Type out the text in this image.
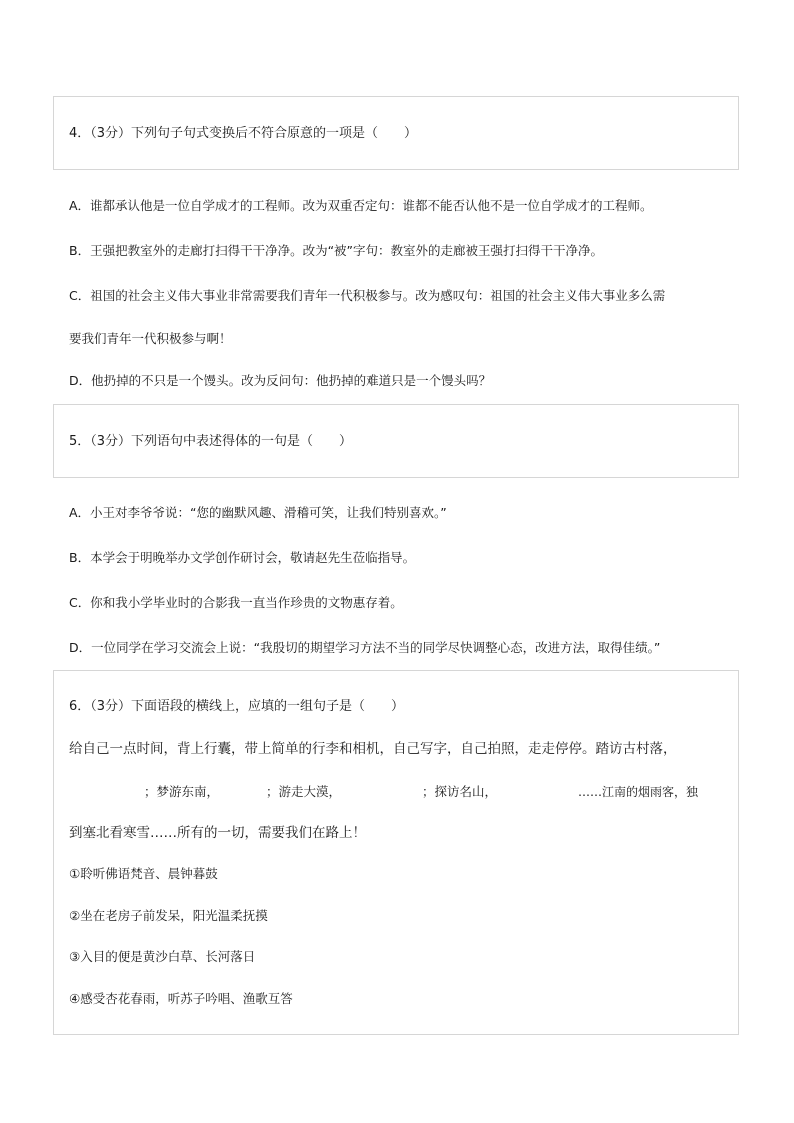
4．（3分）下列句子句式变换后不符合原意的一项是（　　）
A．谁都承认他是一位自学成才的工程师。改为双重否定句：谁都不能否认他不是一位自学成才的工程师。
B．王强把教室外的走廊打扫得干干净净。改为“被”字句：教室外的走廊被王强打扫得干干净净。
C．祖国的社会主义伟大事业非常需要我们青年一代积极参与。改为感叹句：祖国的社会主义伟大事业多么需
要我们青年一代积极参与啊！
D．他扔掉的不只是一个馒头。改为反问句：他扔掉的难道只是一个馒头吗？
5．（3分）下列语句中表述得体的一句是（　　）
A．小王对李爷爷说：“您的幽默风趣、滑稽可笑，让我们特别喜欢。”
B．本学会于明晚举办文学创作研讨会，敬请赵先生莅临指导。
C．你和我小学毕业时的合影我一直当作珍贵的文物惠存着。
D．一位同学在学习交流会上说：“我殷切的期望学习方法不当的同学尽快调整心态，改进方法，取得佳绩。”
6．（3分）下面语段的横线上，应填的一组句子是（　　）
给自己一点时间，背上行囊，带上简单的行李和相机，自己写字，自己拍照，走走停停。踏访古村落，
；梦游东南，	；游走大漠，	；探访名山，	……江南的烟雨客，独
到塞北看寒雪……所有的一切，需要我们在路上！
①聆听佛语梵音、晨钟暮鼓
②坐在老房子前发呆，阳光温柔抚摸
③入目的便是黄沙白草、长河落日
④感受杏花春雨，听苏子吟唱、渔歌互答
